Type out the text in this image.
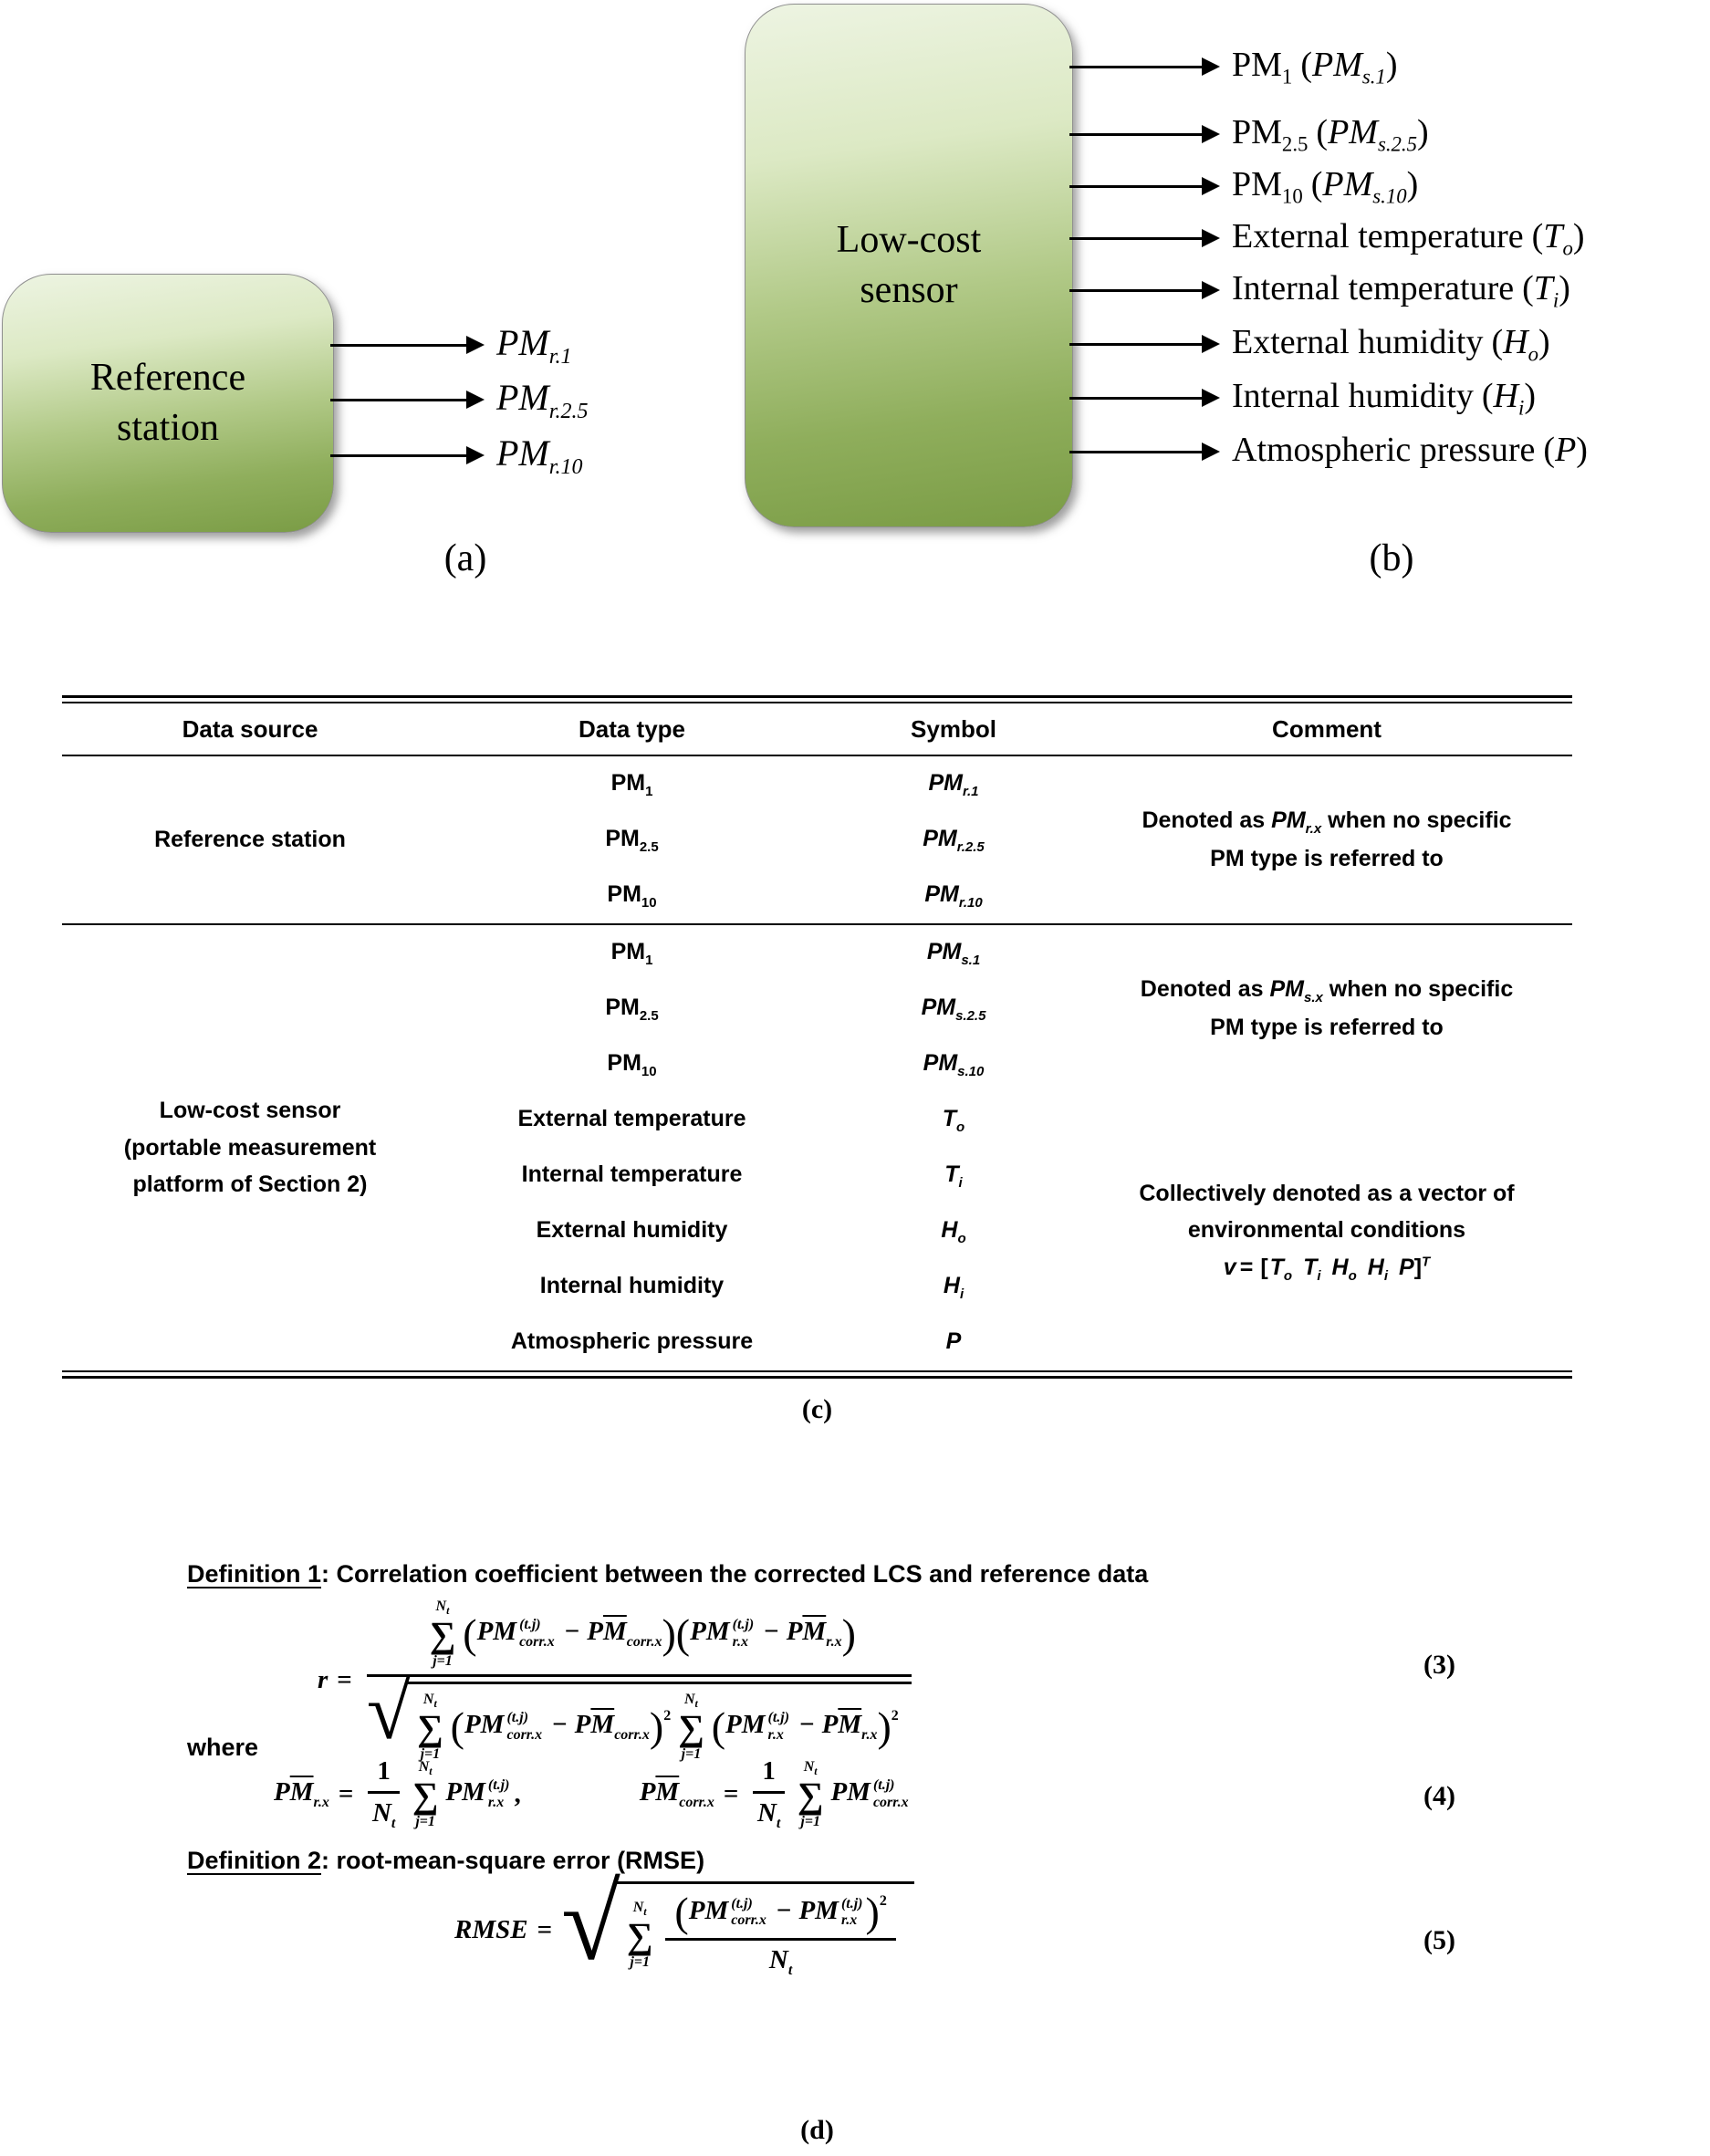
Reference
station
$PM_{r.1}$
$PM_{r.2.5}$
$PM_{r.10}$
(a)
Low-cost
sensor
$PM_1$ $(PM_{s.1})$
$PM_{2.5}$ $(PM_{s.2.5})$
$PM_{10}$ $(PM_{s.10})$
External temperature $(T_o)$
Internal temperature $(T_i)$
External humidity $(H_o)$
Internal humidity $(H_i)$
Atmospheric pressure (P)
(b)
Data source	Data type	Symbol	Comment
Reference station	$PM_1$	$PM_{r.1}$	Denoted as $PM_{r.x}$ when no specific
PM type is referred to

	$PM_{2.5}$	$PM_{r.2.5}$
	$PM_{10}$	$PM_{r.10}$

Low-cost sensor
(portable measurement
platform of Section 2)
	$PM_1$	$PM_{s.1}$	
Denoted as $PM_{s.x}$ when no specific
PM type is referred to

	$PM_{2.5}$	$PM_{s.2.5}$
	$PM_{10}$	$PM_{s.10}$
	External temperature	$T_o$	Collectively denoted as a vector of
environmental conditions
$v = [T_o$ $T_i$ $H_o$ $H_i$ P]$^T$

	Internal temperature	$T_i$
	External humidity	$H_o$
	Internal humidity	$H_i$
	Atmospheric pressure	P	
(c)
Definition 1: Correlation coefficient between the corrected LCS and reference data
r =
$N_t$
∑
j=1
( PM (t.j)
corr.x − $P\overline{M}_{corr.x}$ ) ( PM (t.j)
$r.x - P\overline{M}_{r.x}$ )
√ $N_t$
∑
j=1
( PM (t.j)
corr.x − $P\overline{M}_{corr.x}$ ) 2
$N_t$
∑
j=1
( PM (t.j)
$r.x - P\overline{M}_{r.x}$ ) 2
(3)
where
$P\overline{M}_{r.x} = \frac{1}{N_t} N_t$
∑
j=1
PM (t.j)
r.x ,	$P\overline{M}_{corr.x} = \frac{1}{N_t} N_t$
∑
j=1
PM (t.j)
corr.x	(4)
Definition 2: root-mean-square error (RMSE)
RMSE = √ $N_t$
∑
j=1 ( PM (t.j)
corr.x − PM (t.j)
r.x ) 2
$N_t$	(5)
(d)
